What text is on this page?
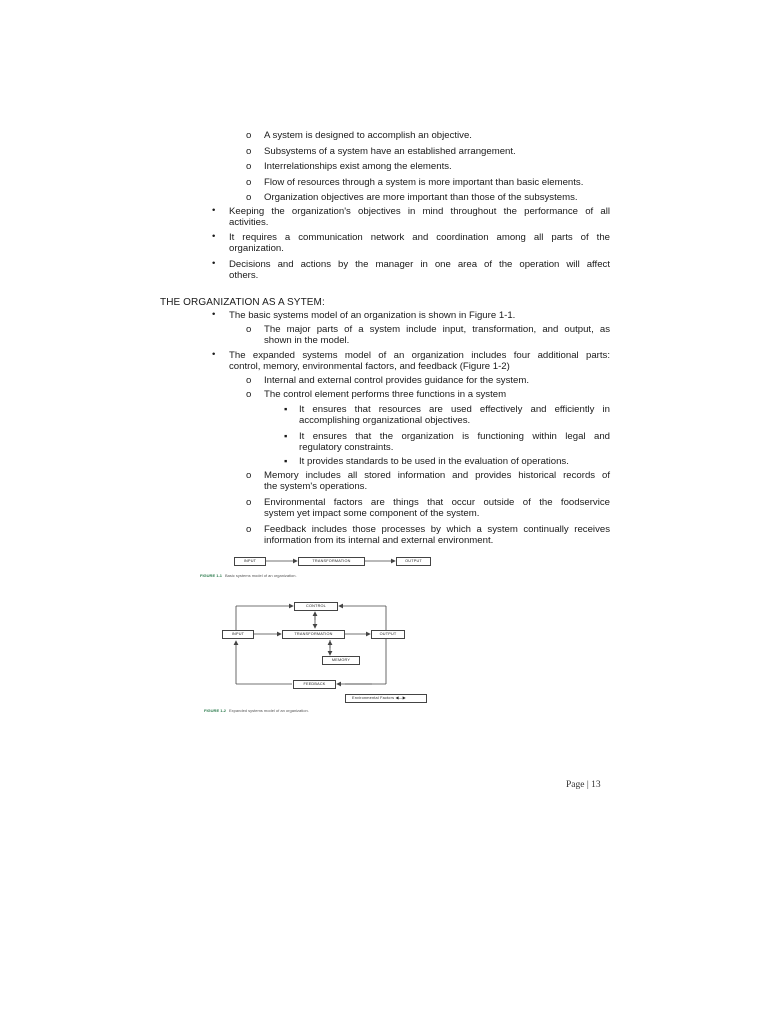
o A system is designed to accomplish an objective.
o Subsystems of a system have an established arrangement.
o Interrelationships exist among the elements.
o Flow of resources through a system is more important than basic elements.
o Organization objectives are more important than those of the subsystems.
• Keeping the organization's objectives in mind throughout the performance of all
activities.
• It requires a communication network and coordination among all parts of the
organization.
• Decisions and actions by the manager in one area of the operation will affect
others.
THE ORGANIZATION AS A SYTEM:
• The basic systems model of an organization is shown in Figure 1-1.
o The major parts of a system include input, transformation, and output, as
shown in the model.
• The expanded systems model of an organization includes four additional parts:
control, memory, environmental factors, and feedback (Figure 1-2)
o Internal and external control provides guidance for the system.
o The control element performs three functions in a system
▪ It ensures that resources are used effectively and efficiently in
accomplishing organizational objectives.
▪ It ensures that the organization is functioning within legal and
regulatory constraints.
▪ It provides standards to be used in the evaluation of operations.
o Memory includes all stored information and provides historical records of
the system's operations.
o Environmental factors are things that occur outside of the foodservice
system yet impact some component of the system.
o Feedback includes those processes by which a system continually receives
information from its internal and external environment.
INPUT	TRANSFORMATION	OUTPUT
FIGURE 1-1 Basic systems model of an organization.
CONTROL
INPUT	TRANSFORMATION	OUTPUT
MEMORY
FEEDBACK
Environmental Factors ◀—▶
FIGURE 1-2 Expanded systems model of an organization.
Page | 13
